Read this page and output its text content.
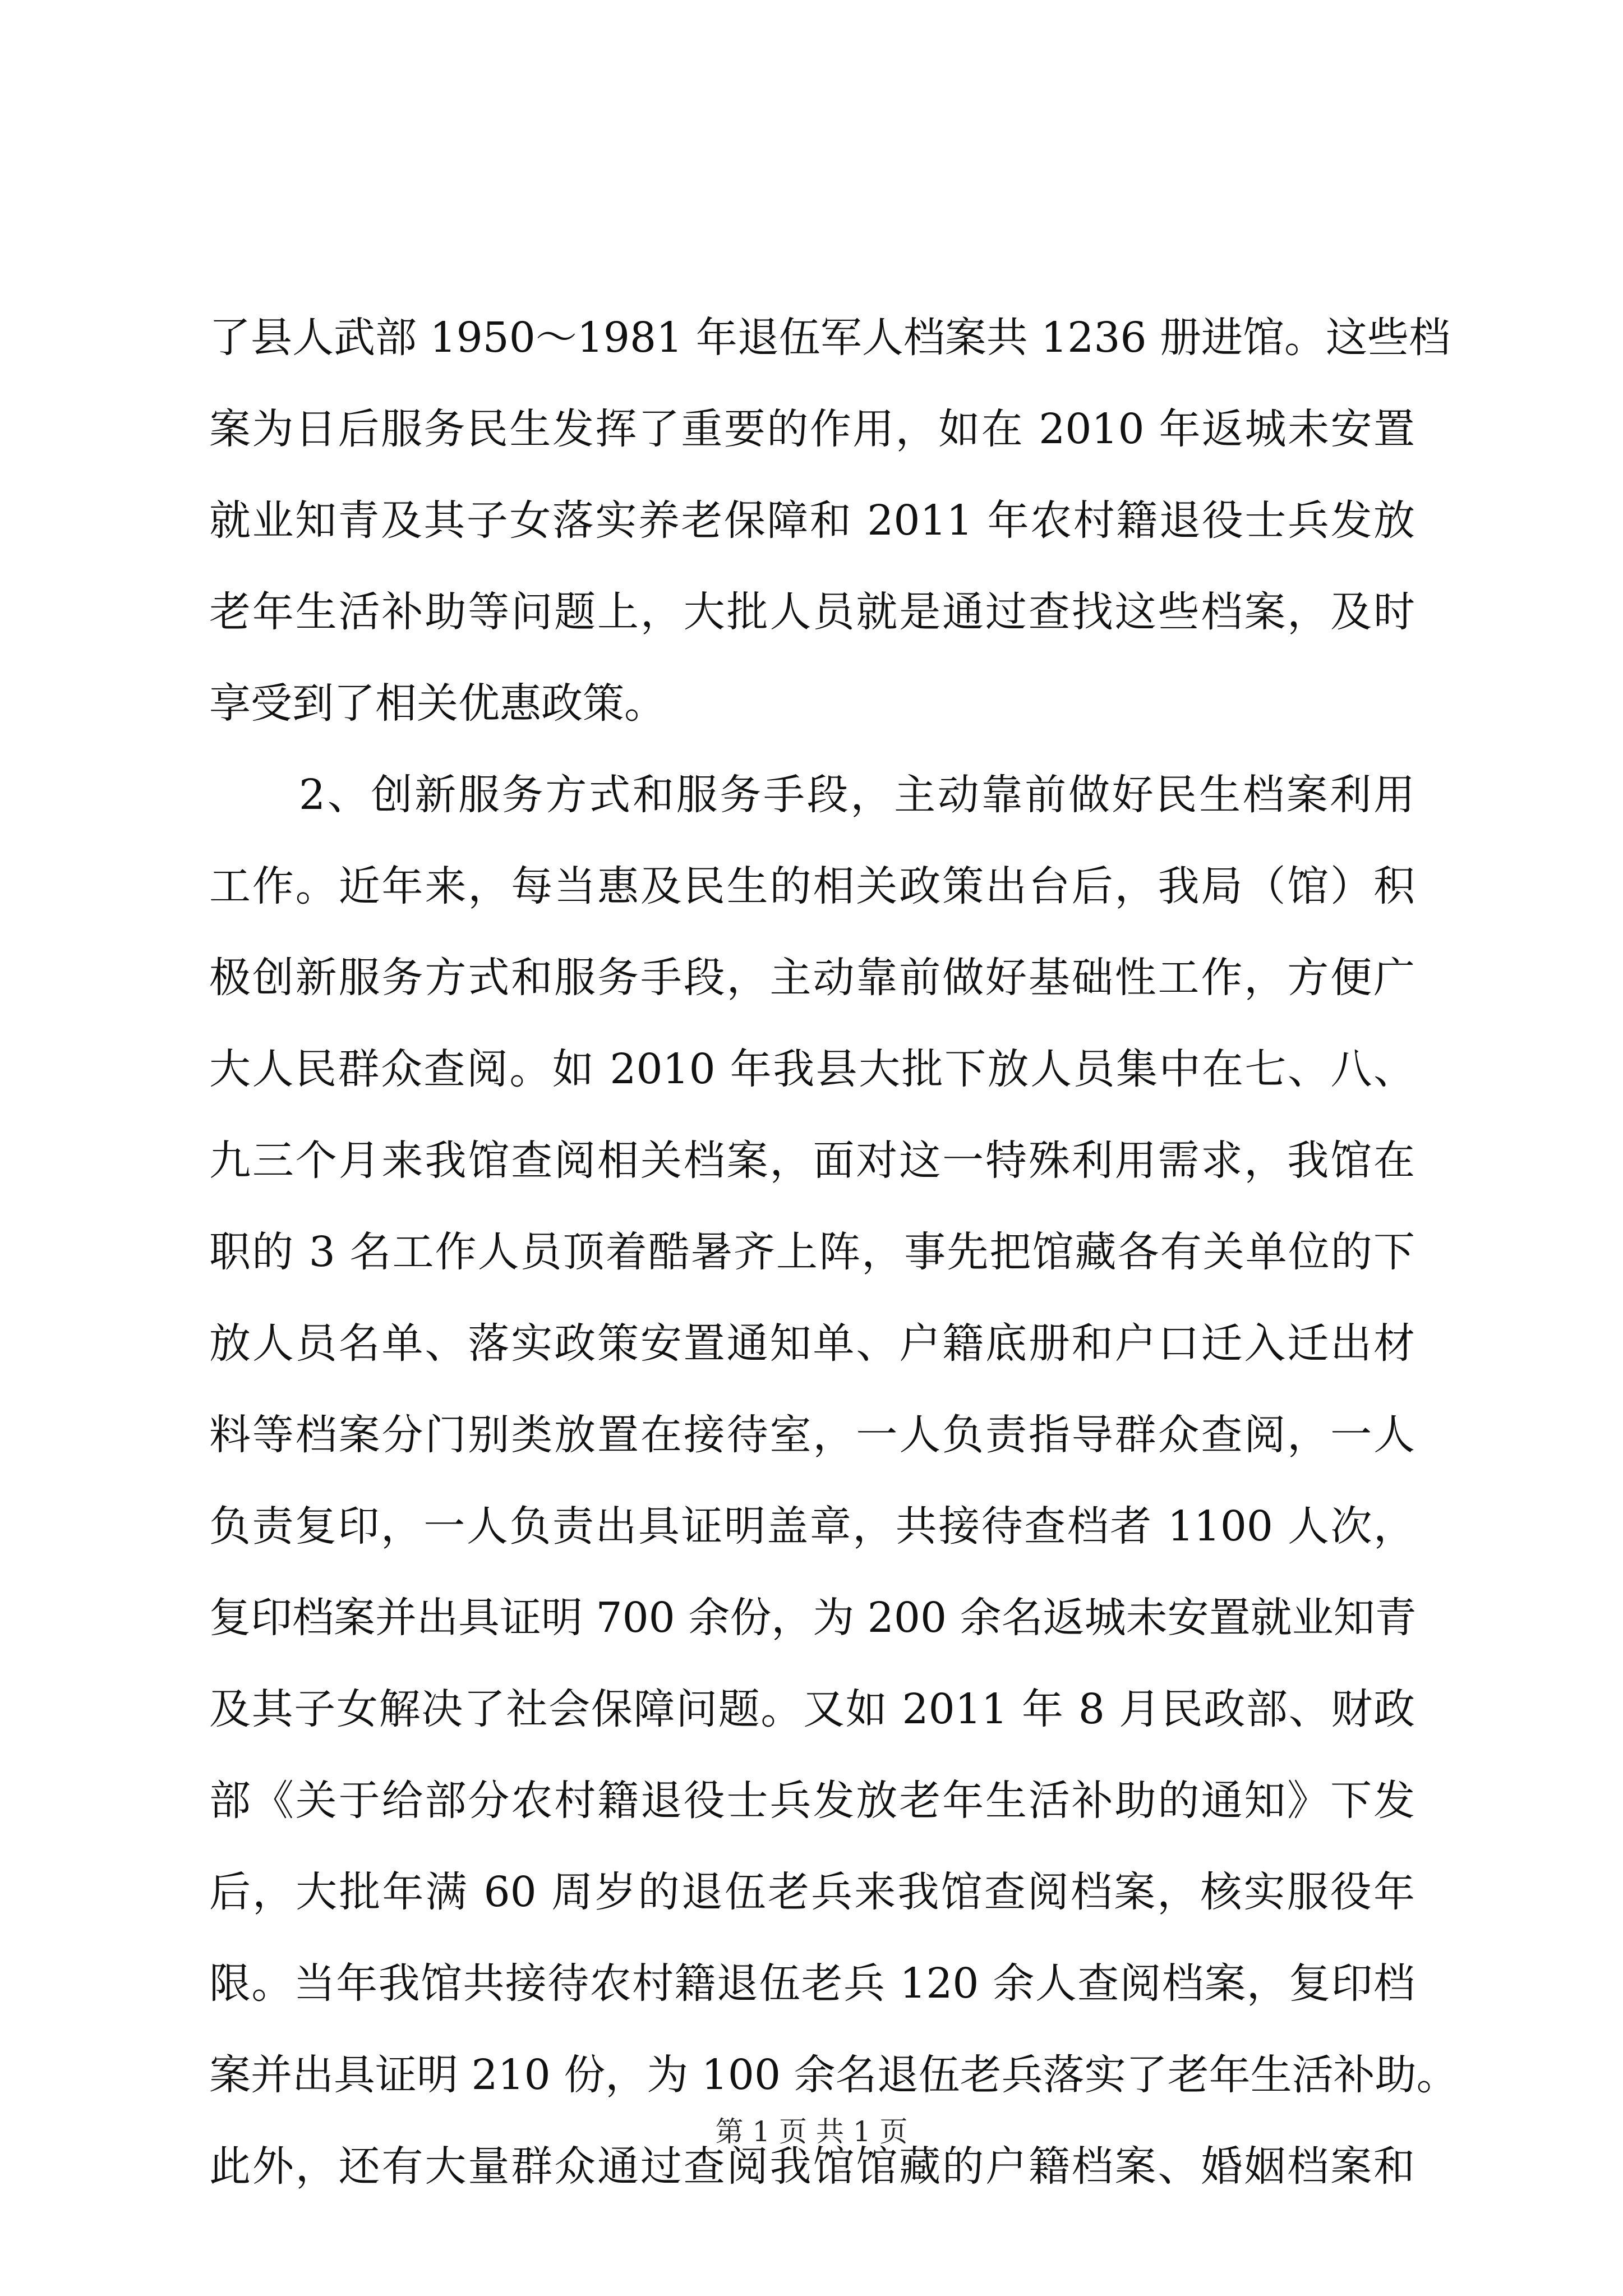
了县人武部 1950～1981 年退伍军人档案共 1236 册进馆。这些档
案为日后服务民生发挥了重要的作用，如在 2010 年返城未安置
就业知青及其子女落实养老保障和 2011 年农村籍退役士兵发放
老年生活补助等问题上，大批人员就是通过查找这些档案，及时
享受到了相关优惠政策。
2、创新服务方式和服务手段，主动靠前做好民生档案利用
工作。近年来，每当惠及民生的相关政策出台后，我局（馆）积
极创新服务方式和服务手段，主动靠前做好基础性工作，方便广
大人民群众查阅。如 2010 年我县大批下放人员集中在七、八、
九三个月来我馆查阅相关档案，面对这一特殊利用需求，我馆在
职的 3 名工作人员顶着酷暑齐上阵，事先把馆藏各有关单位的下
放人员名单、落实政策安置通知单、户籍底册和户口迁入迁出材
料等档案分门别类放置在接待室，一人负责指导群众查阅，一人
负责复印，一人负责出具证明盖章，共接待查档者 1100 人次，
复印档案并出具证明 700 余份，为 200 余名返城未安置就业知青
及其子女解决了社会保障问题。又如 2011 年 8 月民政部、财政
部《关于给部分农村籍退役士兵发放老年生活补助的通知》下发
后，大批年满 60 周岁的退伍老兵来我馆查阅档案，核实服役年
限。当年我馆共接待农村籍退伍老兵 120 余人查阅档案，复印档
案并出具证明 210 份，为 100 余名退伍老兵落实了老年生活补助。
此外，还有大量群众通过查阅我馆馆藏的户籍档案、婚姻档案和
第 1 页 共 1 页
